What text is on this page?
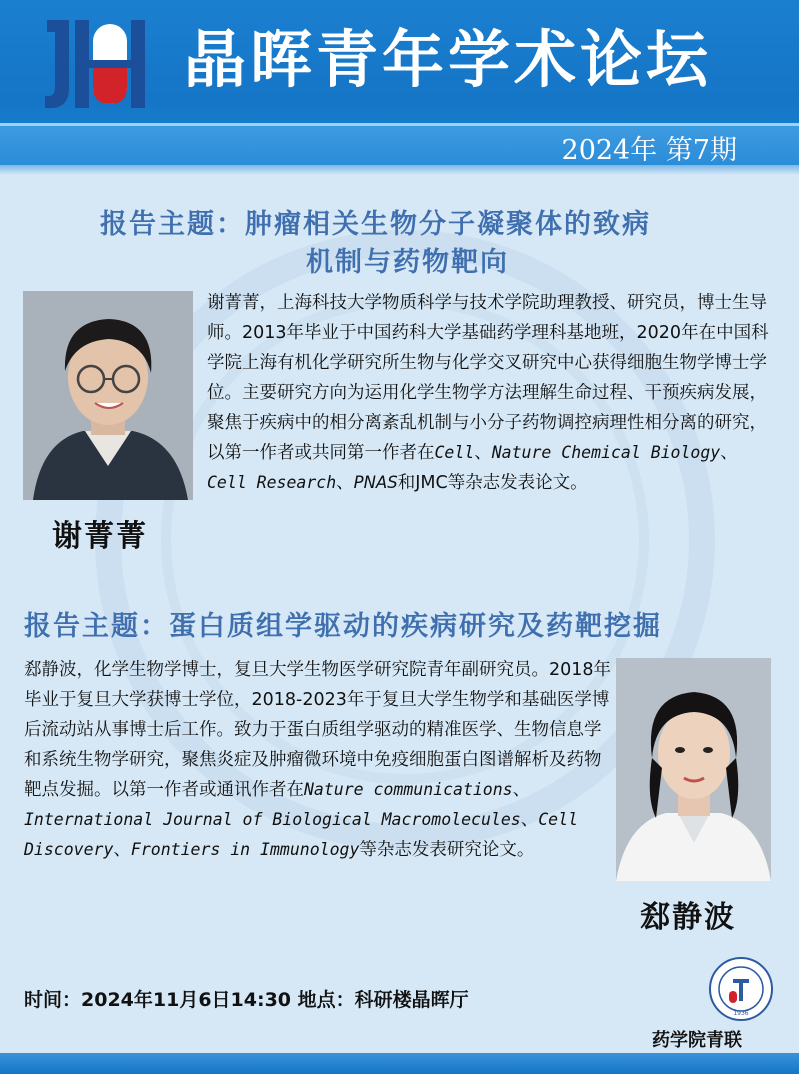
晶晖青年学术论坛
2024年 第7期
报告主题：肿瘤相关生物分子凝聚体的致病
机制与药物靶向
谢菁菁
谢菁菁，上海科技大学物质科学与技术学院助理教授、研究员，博士生导师。2013年毕业于中国药科大学基础药学理科基地班，2020年在中国科学院上海有机化学研究所生物与化学交叉研究中心获得细胞生物学博士学位。主要研究方向为运用化学生物学方法理解生命过程、干预疾病发展，聚焦于疾病中的相分离紊乱机制与小分子药物调控病理性相分离的研究，以第一作者或共同第一作者在Cell、Nature Chemical Biology、Cell Research、PNAS和JMC等杂志发表论文。
报告主题：蛋白质组学驱动的疾病研究及药靶挖掘
郄静波，化学生物学博士，复旦大学生物医学研究院青年副研究员。2018年毕业于复旦大学获博士学位，2018-2023年于复旦大学生物学和基础医学博后流动站从事博士后工作。致力于蛋白质组学驱动的精准医学、生物信息学和系统生物学研究，聚焦炎症及肿瘤微环境中免疫细胞蛋白图谱解析及药物靶点发掘。以第一作者或通讯作者在Nature communications、International Journal of Biological Macromolecules、Cell Discovery、Frontiers in Immunology等杂志发表研究论文。
郄静波
时间：2024年11月6日14:30 地点：科研楼晶晖厅
1936
药学院青联
